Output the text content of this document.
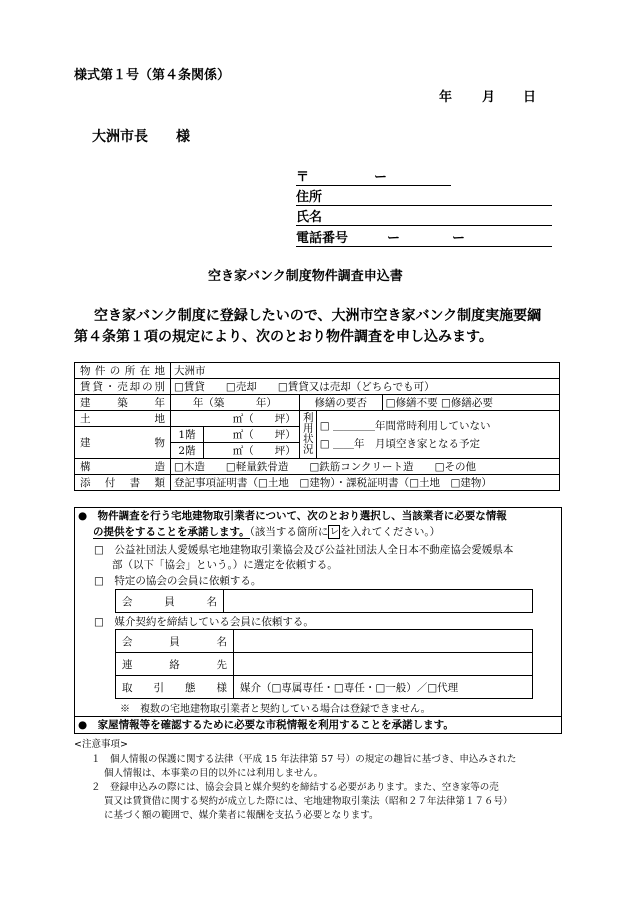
様式第１号（第４条関係）
年 月 日
大洲市長　　様
〒　　　　　ー
住所
氏名
電話番号　　　ー　　　　ー
空き家バンク制度物件調査申込書
空き家バンク制度に登録したいので、大洲市空き家バンク制度実施要綱
第４条第１項の規定により、次のとおり物件調査を申し込みます。
物件の所在地	大洲市				
賃貸・売却の別	□賃貸　　 □売却　　 □賃貸又は売却（どちらでも可）				
建　　築　　年	年（築　　　年）		修繕の要否		□修繕不要 □修繕必要
土　　　　　地	㎡（　　坪）		利用状況	□ ＿＿＿＿年間常時利用していない
□ ＿＿年　月頃空き家となる予定	

建　　物	1階	㎡（　　坪）			
	2階	㎡（　　坪）			
構　　　　　造	□木造　　 □軽量鉄骨造　　 □鉄筋コンクリート造　　 □その他				
添　付　書　類	登記事項証明書（□土地　□建物）・課税証明書（□土地　□建物）				
●　物件調査を行う宅地建物取引業者について、次のとおり選択し、当該業者に必要な情報
の提供をすることを承諾します。（該当する箇所にレ を入れてください。）
□　公益社団法人愛媛県宅地建物取引業協会及び公益社団法人全日本不動産協会愛媛県本
部（以下「協会」という。）に選定を依頼する。
□　特定の協会の会員に依頼する。
会　　員　　名	
□　媒介契約を締結している会員に依頼する。
会　　員　　名	
連　　絡　　先	
取　　引　　態　　様	媒介（□専属専任・□専任・□一般）／□代理
※　複数の宅地建物取引業者と契約している場合は登録できません。
●　家屋情報等を確認するために必要な市税情報を利用することを承諾します。
<注意事項>
１　個人情報の保護に関する法律（平成 15 年法律第 57 号）の規定の趣旨に基づき、申込みされた
個人情報は、本事業の目的以外には利用しません。
２　登録申込みの際には、協会会員と媒介契約を締結する必要があります。また、空き家等の売
買又は賃貸借に関する契約が成立した際には、宅地建物取引業法（昭和２７年法律第１７６号）
に基づく額の範囲で、媒介業者に報酬を支払う必要となります。
